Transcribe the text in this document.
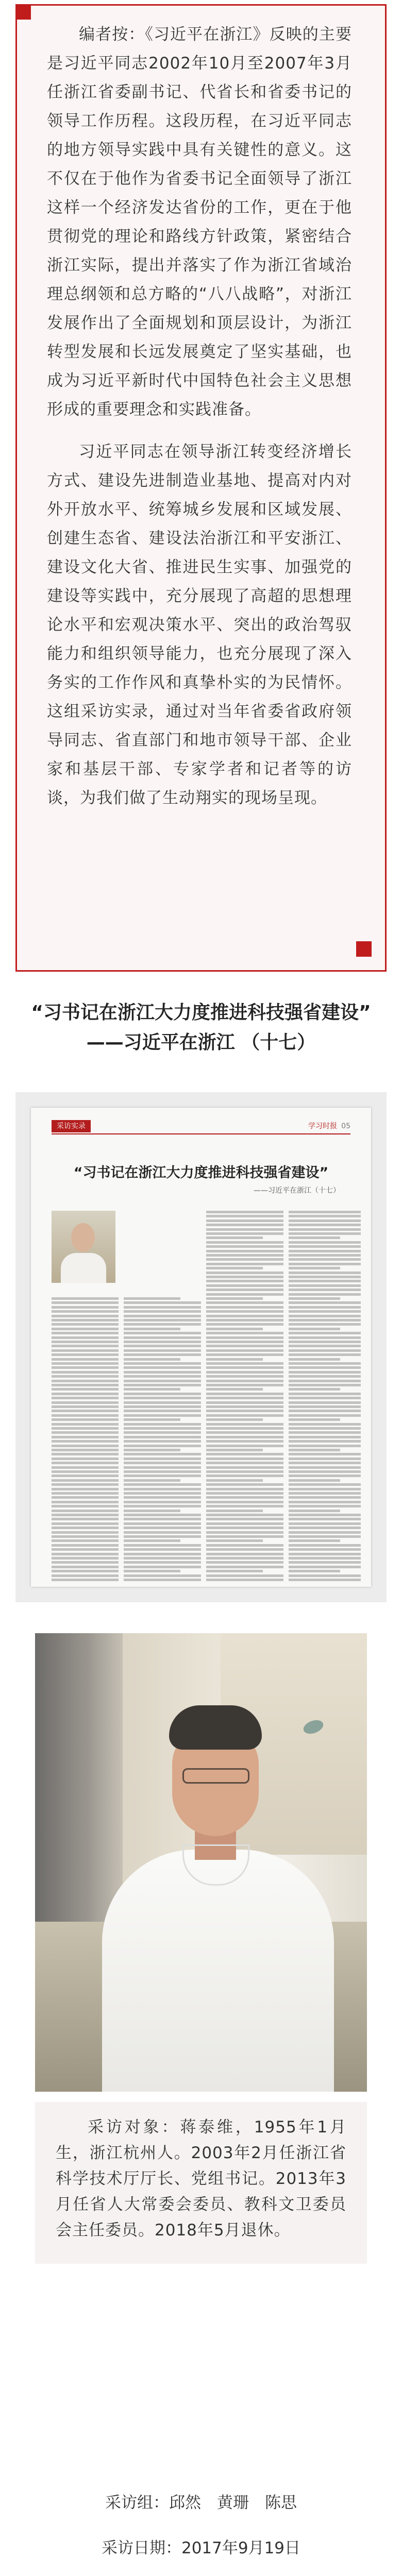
编者按：《习近平在浙江》反映的主要是习近平同志2002年10月至2007年3月任浙江省委副书记、代省长和省委书记的领导工作历程。这段历程，在习近平同志的地方领导实践中具有关键性的意义。这不仅在于他作为省委书记全面领导了浙江这样一个经济发达省份的工作，更在于他贯彻党的理论和路线方针政策，紧密结合浙江实际，提出并落实了作为浙江省域治理总纲领和总方略的“八八战略”，对浙江发展作出了全面规划和顶层设计，为浙江转型发展和长远发展奠定了坚实基础，也成为习近平新时代中国特色社会主义思想形成的重要理念和实践准备。

习近平同志在领导浙江转变经济增长方式、建设先进制造业基地、提高对内对外开放水平、统筹城乡发展和区域发展、创建生态省、建设法治浙江和平安浙江、建设文化大省、推进民生实事、加强党的建设等实践中，充分展现了高超的思想理论水平和宏观决策水平、突出的政治驾驭能力和组织领导能力，也充分展现了深入务实的工作作风和真挚朴实的为民情怀。这组采访实录，通过对当年省委省政府领导同志、省直部门和地市领导干部、企业家和基层干部、专家学者和记者等的访谈，为我们做了生动翔实的现场呈现。

“习书记在浙江大力度推进科技强省建设”

——习近平在浙江 （十七）

采访实录	学习时报 05
“习书记在浙江大力度推进科技强省建设”
——习近平在浙江（十七）

采访对象：蒋泰维，1955年1月生，浙江杭州人。2003年2月任浙江省科学技术厅厅长、党组书记。2013年3月任省人大常委会委员、教科文卫委员会主任委员。2018年5月退休。

采访组：邱然 黄珊 陈思
采访日期：2017年9月19日
